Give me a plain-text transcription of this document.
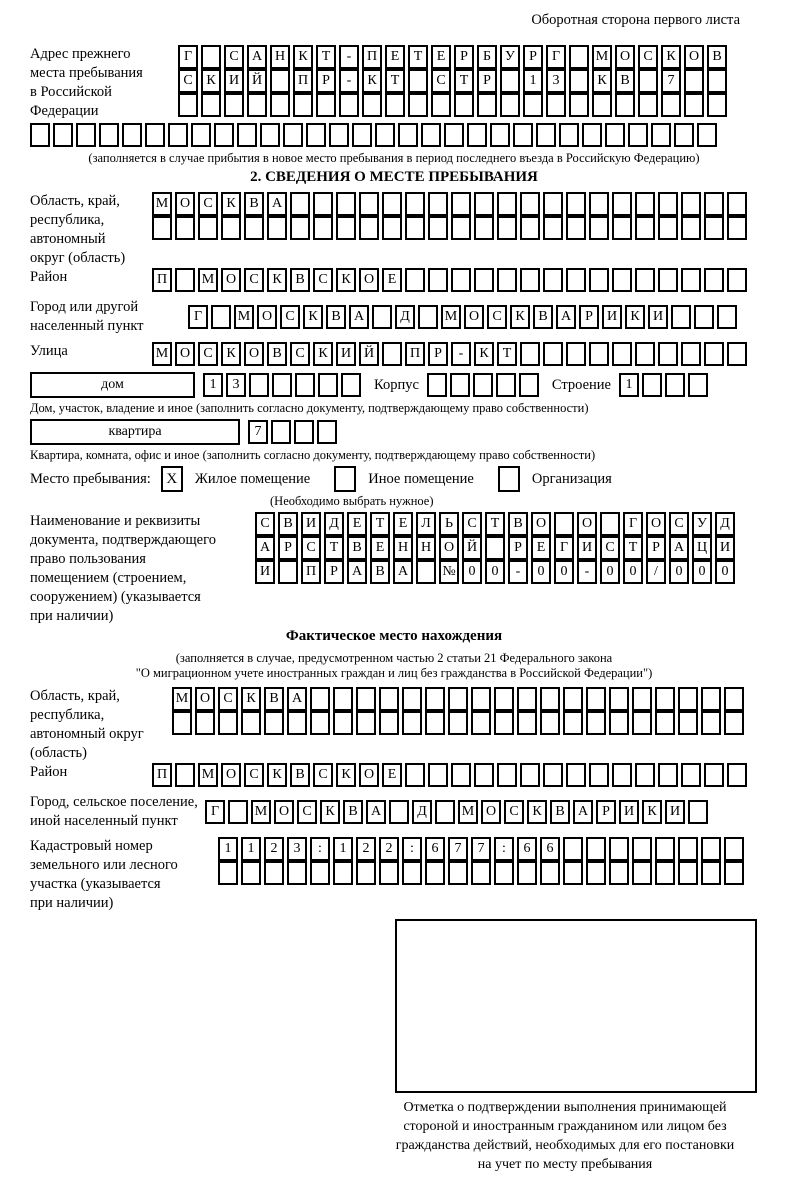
Оборотная сторона первого листа
Адрес прежнего
места пребывания
в Российской
Федерации
Г	С А Н К	Т	-	П Е	Т	Е	Р	Б	У	Р	Г	М О С К О В
С К И Й	П	Р	-	К	Т	С	Т	Р	1	3	К В	7
(заполняется в случае прибытия в новое место пребывания в период последнего въезда в Российскую Федерацию)
2. СВЕДЕНИЯ О МЕСТЕ ПРЕБЫВАНИЯ
Область, край,
республика,
автономный
округ (область)
М О С К В А
Район	П	М О С К В С К О Е
Город или другой
населенный пункт
Г	М О С К В А	Д	М О С К В А	Р	И К И
Улица	М О С К О В С К И Й	П	Р	-	К	Т
дом	1	3	Корпус	Строение	1
Дом, участок, владение и иное (заполнить согласно документу, подтверждающему право собственности)
квартира	7
Квартира, комната, офис и иное (заполнить согласно документу, подтверждающему право собственности)
Место пребывания:	X	Жилое помещение	Иное помещение	Организация
(Необходимо выбрать нужное)
Наименование и реквизиты
документа, подтверждающего
право пользования
помещением (строением,
сооружением) (указывается
при наличии)
С В И Д Е	Т	Е Л	Ь	С	Т	В О	О	Г О С У Д
А	Р	С	Т	В	Е Н Н О Й	Р	Е	Г И С	Т	Р	А Ц И
И	П	Р	А В А	№ 0	0	-	0	0	-	0	0	/	0	0	0
Фактическое место нахождения
(заполняется в случае, предусмотренном частью 2 статьи 21 Федерального закона
"О миграционном учете иностранных граждан и лиц без гражданства в Российской Федерации")
Область, край,
республика,
автономный округ
(область)
М О С К В А
Район	П	М О С К В С К О Е
Город, сельское поселение,
иной населенный пункт
Г	М О С К В А	Д	М О С К В А	Р	И К И
Кадастровый номер
земельного или лесного
участка (указывается
при наличии)
1	1	2	3	:	1	2	2	:	6	7	7	:	6	6
Отметка о подтверждении выполнения принимающей
стороной и иностранным гражданином или лицом без
гражданства действий, необходимых для его постановки
на учет по месту пребывания
